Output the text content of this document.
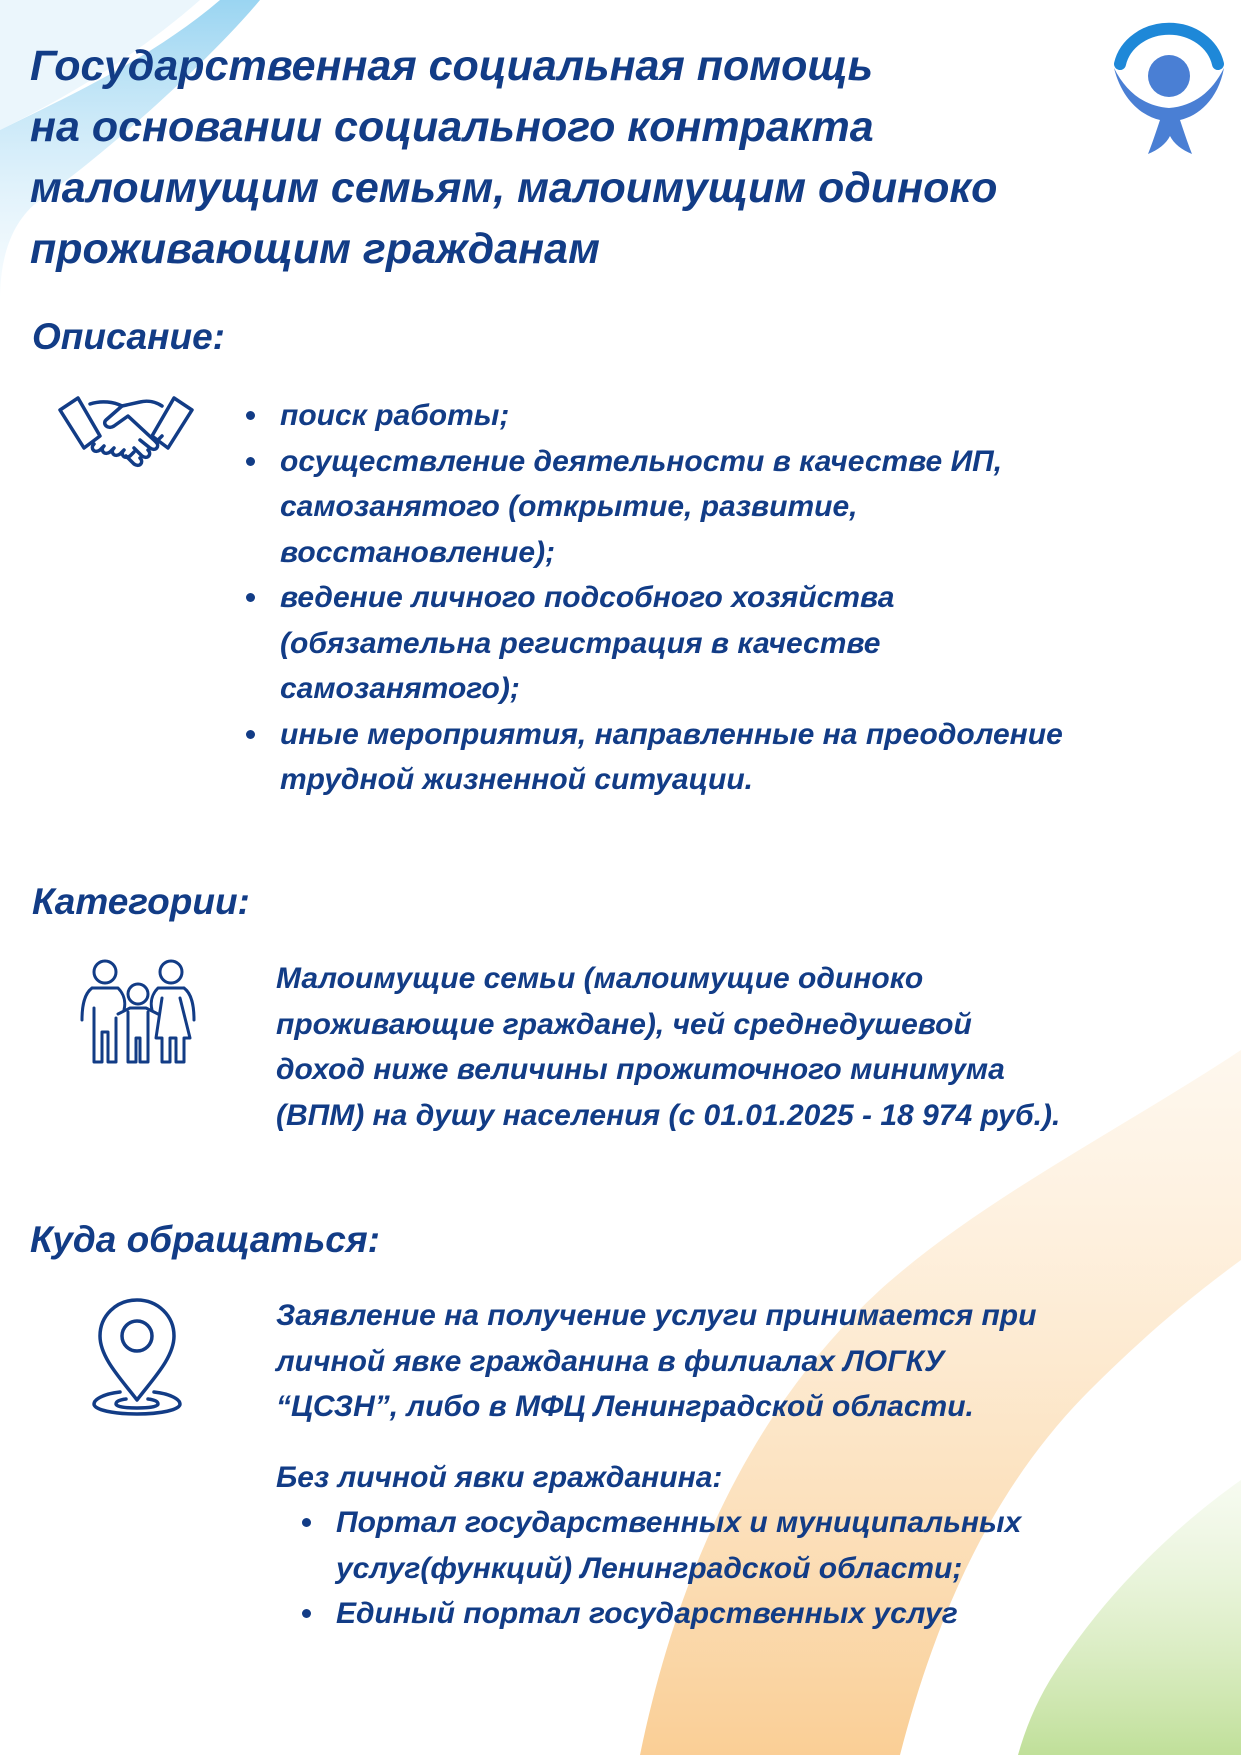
Государственная социальная помощь
на основании социального контракта
малоимущим семьям, малоимущим одиноко
проживающим гражданам
Описание:
поиск работы;
осуществление деятельности в качестве ИП,
самозанятого (открытие, развитие,
восстановление);
ведение личного подсобного хозяйства
(обязательна регистрация в качестве
самозанятого);
иные мероприятия, направленные на преодоление
трудной жизненной ситуации.
Категории:

Малоимущие семьи (малоимущие одиноко
проживающие граждане), чей среднедушевой
доход ниже величины прожиточного минимума
(ВПМ) на душу населения (с 01.01.2025 - 18 974 руб.).

Куда обращаться:

Заявление на получение услуги принимается при
личной явке гражданина в филиалах ЛОГКУ
“ЦСЗН”, либо в МФЦ Ленинградской области.

Без личной явки гражданина:

Портал государственных и муниципальных
услуг(функций) Ленинградской области;
Единый портал государственных услуг
